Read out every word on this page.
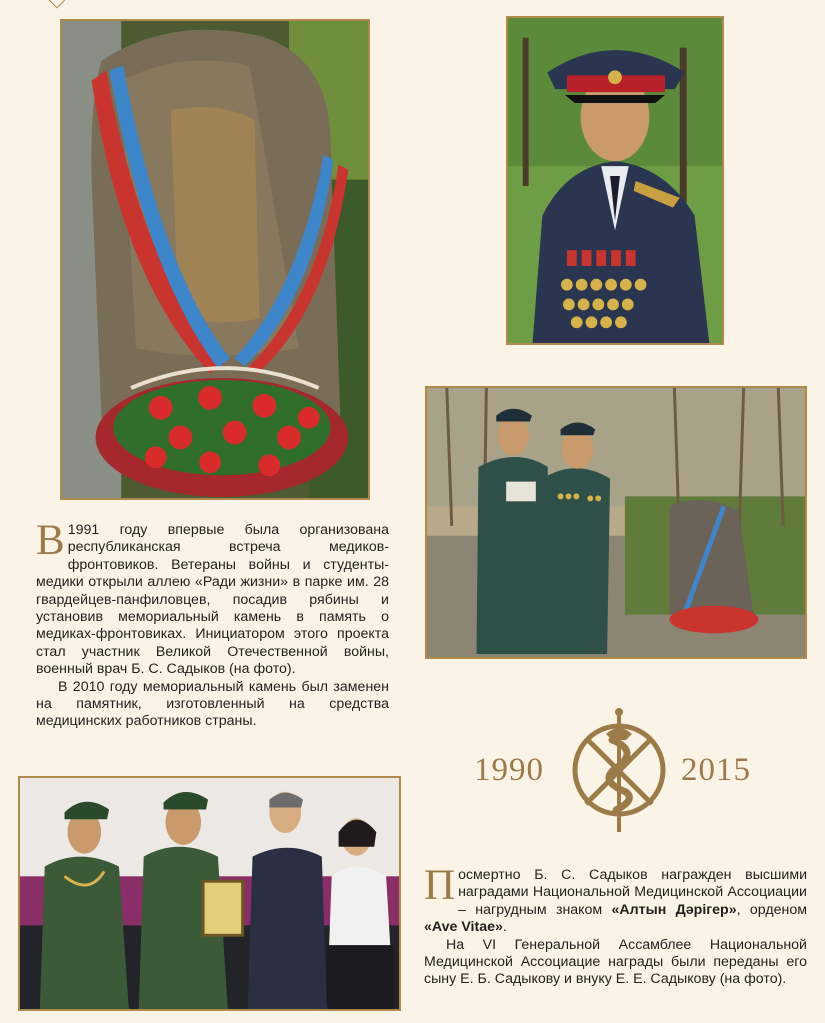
В 1991 году впервые была организована республиканская встреча медиков-фронтовиков. Ветераны войны и студенты-медики открыли аллею «Ради жизни» в парке им. 28 гвардейцев-панфиловцев, посадив рябины и установив мемориальный камень в память о медиках-фронтовиках. Инициатором этого проекта стал участник Великой Отечественной войны, военный врач Б. С. Садыков (на фото).

В 2010 году мемориальный камень был заменен на памятник, изготовленный на средства медицинских работников страны.

1990	2015

Посмертно Б. С. Садыков награжден высшими наградами Национальной Медицинской Ассоциации – нагрудным знаком «Алтын Дәрігер», орденом «Ave Vitae».

На VI Генеральной Ассамблее Национальной Медицинской Ассоциацие награды были переданы его сыну Е. Б. Садыкову и внуку Е. Е. Садыкову (на фото).
